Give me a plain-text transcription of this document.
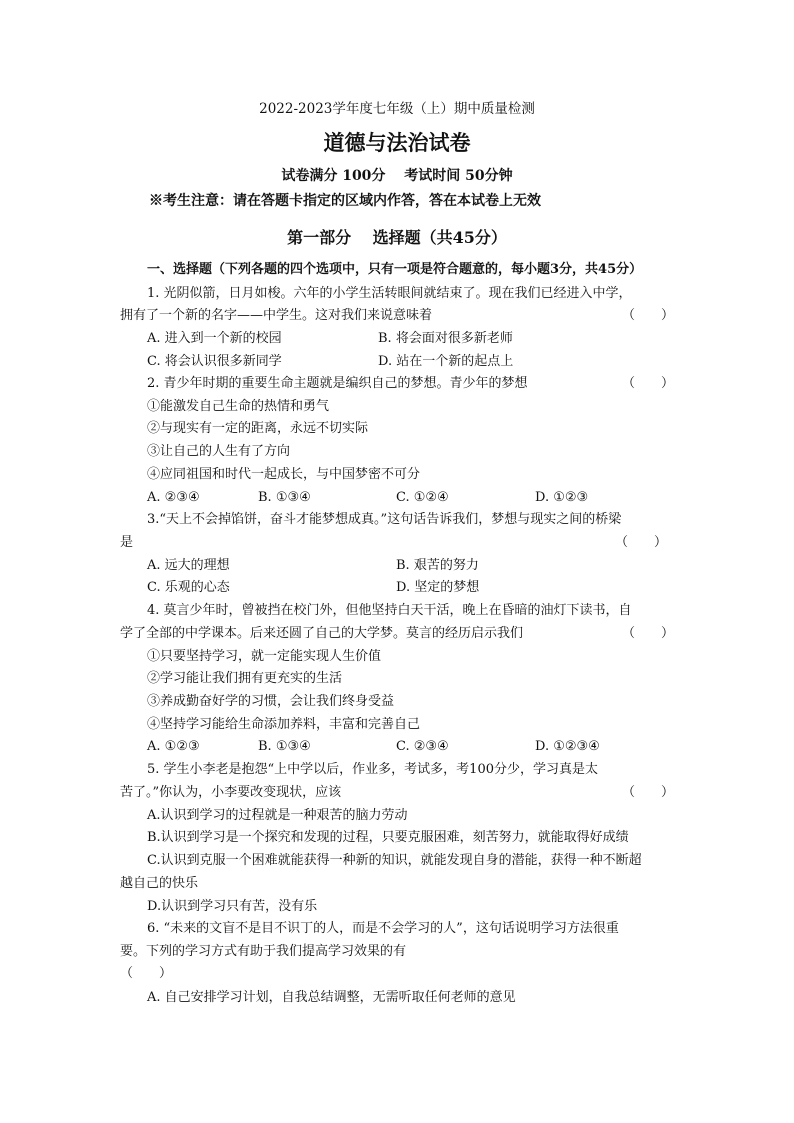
2022-2023学年度七年级（上）期中质量检测
道德与法治试卷
试卷满分 100分　 考试时间 50分钟
※考生注意：请在答题卡指定的区域内作答，答在本试卷上无效
第一部分　 选择题（共45分）
一、选择题（下列各题的四个选项中，只有一项是符合题意的，每小题3分，共45分）
1. 光阴似箭，日月如梭。六年的小学生活转眼间就结束了。现在我们已经进入中学，
拥有了一个新的名字——中学生。这对我们来说意味着	（　　）
A. 进入到一个新的校园	B. 将会面对很多新老师
C. 将会认识很多新同学	D. 站在一个新的起点上
2. 青少年时期的重要生命主题就是编织自己的梦想。青少年的梦想	（　　）
①能激发自己生命的热情和勇气
②与现实有一定的距离，永远不切实际
③让自己的人生有了方向
④应同祖国和时代一起成长，与中国梦密不可分
A. ②③④	B. ①③④	C. ①②④	D. ①②③
3.“天上不会掉馅饼，奋斗才能梦想成真。”这句话告诉我们，梦想与现实之间的桥梁
是	（　　）
A. 远大的理想	B. 艰苦的努力
C. 乐观的心态	D. 坚定的梦想
4. 莫言少年时，曾被挡在校门外，但他坚持白天干活，晚上在昏暗的油灯下读书，自
学了全部的中学课本。后来还圆了自己的大学梦。莫言的经历启示我们	（　　）
①只要坚持学习，就一定能实现人生价值
②学习能让我们拥有更充实的生活
③养成勤奋好学的习惯，会让我们终身受益
④坚持学习能给生命添加养料，丰富和完善自己
A. ①②③	B. ①③④	C. ②③④	D. ①②③④
5. 学生小李老是抱怨“上中学以后，作业多，考试多，考100分少，学习真是太
苦了。”你认为，小李要改变现状，应该	（　　）
A.认识到学习的过程就是一种艰苦的脑力劳动
B.认识到学习是一个探究和发现的过程，只要克服困难，刻苦努力，就能取得好成绩
C.认识到克服一个困难就能获得一种新的知识，就能发现自身的潜能，获得一种不断超
越自己的快乐
D.认识到学习只有苦，没有乐
6. “未来的文盲不是目不识丁的人，而是不会学习的人”，这句话说明学习方法很重
要。下列的学习方式有助于我们提高学习效果的有
（　　）
A. 自己安排学习计划，自我总结调整，无需听取任何老师的意见
